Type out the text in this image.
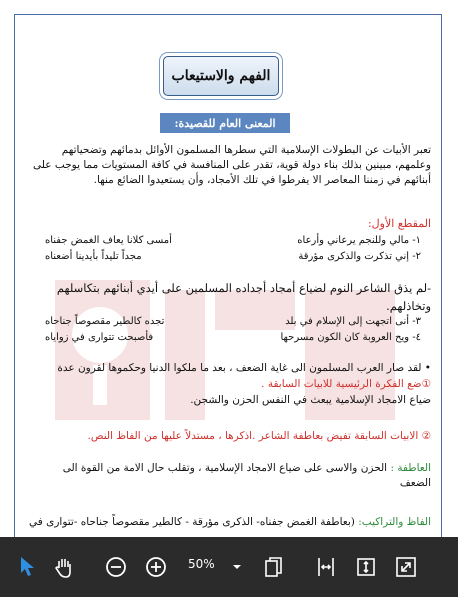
الفهم والاستيعاب
المعنى العام للقصيدة:
تعبر الأبيات عن البطولات الإسلامية التي سطرها المسلمون الأوائل بدمائهم وتضحياتهم
وعلمهم، مبينين بذلك بناء دولة قوية، تقدر على المنافسة في كافة المستويات مما يوجب على
أبنائهم في زمننا المعاصر الا يفرطوا في تلك الأمجاد، وأن يستعيدوا الضائع منها.
المقطع الأول:
١- مالي وللنجم يرعاني وأرعاه
أمسى كلانا يعاف الغمض جفناه
٢- إني تذكرت والذكرى مؤرقة
مجداً تليداً بأيدينا أضعناه
-لم يذق الشاعر النوم لضياع أمجاد أجداده المسلمين على أيدي أبنائهم بتكاسلهم
وتخاذلهم.
٣- أنى اتجهت إلى الإسلام في بلد
تجده كالطير مقصوصاً جناحاه
٤- ويح العروبة كان الكون مسرحها
فأصبحت تتوارى في زواياه
• لقد صار العرب المسلمون الى غاية الضعف ، بعد ما ملكوا الدنيا وحكموها لقرون عدة
①ضع الفكرة الرئيسية للابيات السابقة .
ضياع الامجاد الإسلامية يبعث في النفس الحزن والشجن.
② الابيات السابقة تفيض بعاطفة الشاعر .اذكرها ، مستدلاً عليها من الفاظ النص.
العاطفة : الحزن والاسى على ضياع الامجاد الإسلامية ، وتقلب حال الامة من القوة الى
الضعف
الفاظ والتراكيب: (بعاطفة الغمض جفناه- الذكرى مؤرقة - كالطير مقصوصاً جناحاه -تتوارى في
50%
